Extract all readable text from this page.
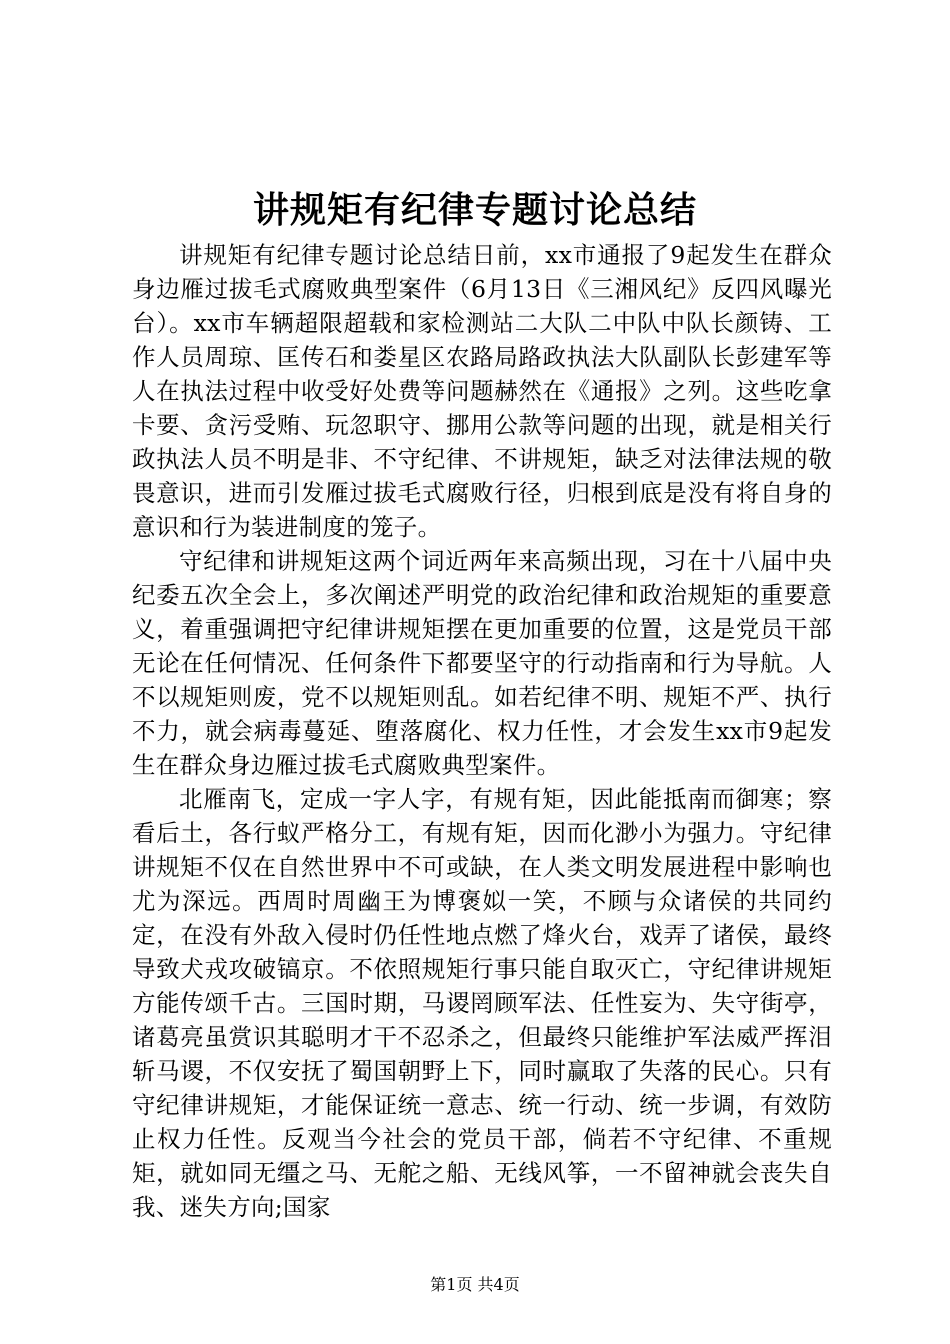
讲规矩有纪律专题讨论总结

讲规矩有纪律专题讨论总结日前，xx市通报了9起发生在群众身边雁过拔毛式腐败典型案件（6月13日《三湘风纪》反四风曝光台）。xx市车辆超限超载和家检测站二大队二中队中队长颜铸、工作人员周琼、匡传石和娄星区农路局路政执法大队副队长彭建军等人在执法过程中收受好处费等问题赫然在《通报》之列。这些吃拿卡要、贪污受贿、玩忽职守、挪用公款等问题的出现，就是相关行政执法人员不明是非、不守纪律、不讲规矩，缺乏对法律法规的敬畏意识，进而引发雁过拔毛式腐败行径，归根到底是没有将自身的意识和行为装进制度的笼子。

守纪律和讲规矩这两个词近两年来高频出现，习在十八届中央纪委五次全会上，多次阐述严明党的政治纪律和政治规矩的重要意义，着重强调把守纪律讲规矩摆在更加重要的位置，这是党员干部无论在任何情况、任何条件下都要坚守的行动指南和行为导航。人不以规矩则废，党不以规矩则乱。如若纪律不明、规矩不严、执行不力，就会病毒蔓延、堕落腐化、权力任性，才会发生xx市9起发生在群众身边雁过拔毛式腐败典型案件。

北雁南飞，定成一字人字，有规有矩，因此能抵南而御寒；察看后土，各行蚁严格分工，有规有矩，因而化渺小为强力。守纪律讲规矩不仅在自然世界中不可或缺，在人类文明发展进程中影响也尤为深远。西周时周幽王为博褒姒一笑，不顾与众诸侯的共同约定，在没有外敌入侵时仍任性地点燃了烽火台，戏弄了诸侯，最终导致犬戎攻破镐京。不依照规矩行事只能自取灭亡，守纪律讲规矩方能传颂千古。三国时期，马谡罔顾军法、任性妄为、失守街亭，诸葛亮虽赏识其聪明才干不忍杀之，但最终只能维护军法威严挥泪斩马谡，不仅安抚了蜀国朝野上下，同时赢取了失落的民心。只有守纪律讲规矩，才能保证统一意志、统一行动、统一步调，有效防止权力任性。反观当今社会的党员干部，倘若不守纪律、不重规矩，就如同无缰之马、无舵之船、无线风筝，一不留神就会丧失自我、迷失方向;国家

第1页 共4页
